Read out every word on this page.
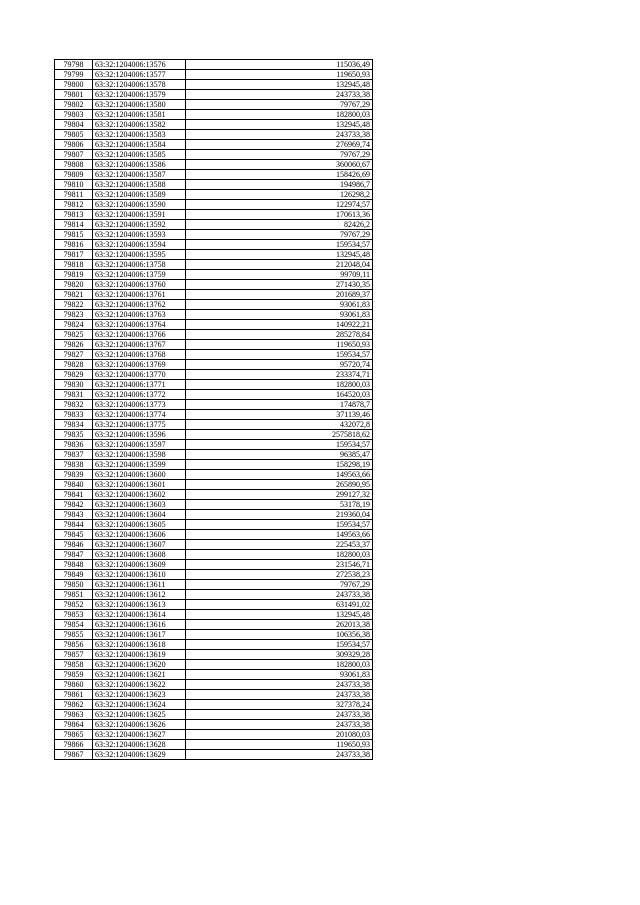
79798	63:32:1204006:13576	115036,49
79799	63:32:1204006:13577	119650,93
79800	63:32:1204006:13578	132945,48
79801	63:32:1204006:13579	243733,38
79802	63:32:1204006:13580	79767,29
79803	63:32:1204006:13581	182800,03
79804	63:32:1204006:13582	132945,48
79805	63:32:1204006:13583	243733,38
79806	63:32:1204006:13584	276969,74
79807	63:32:1204006:13585	79767,29
79808	63:32:1204006:13586	360060,67
79809	63:32:1204006:13587	158426,69
79810	63:32:1204006:13588	194986,7
79811	63:32:1204006:13589	126298,2
79812	63:32:1204006:13590	122974,57
79813	63:32:1204006:13591	170613,36
79814	63:32:1204006:13592	82426,2
79815	63:32:1204006:13593	79767,29
79816	63:32:1204006:13594	159534,57
79817	63:32:1204006:13595	132945,48
79818	63:32:1204006:13758	212048,04
79819	63:32:1204006:13759	99709,11
79820	63:32:1204006:13760	271430,35
79821	63:32:1204006:13761	201689,37
79822	63:32:1204006:13762	93061,83
79823	63:32:1204006:13763	93061,83
79824	63:32:1204006:13764	140922,21
79825	63:32:1204006:13766	285278,84
79826	63:32:1204006:13767	119650,93
79827	63:32:1204006:13768	159534,57
79828	63:32:1204006:13769	95720,74
79829	63:32:1204006:13770	233374,71
79830	63:32:1204006:13771	182800,03
79831	63:32:1204006:13772	164520,03
79832	63:32:1204006:13773	174878,7
79833	63:32:1204006:13774	371139,46
79834	63:32:1204006:13775	432072,8
79835	63:32:1204006:13596	2575818,62
79836	63:32:1204006:13597	159534,57
79837	63:32:1204006:13598	96385,47
79838	63:32:1204006:13599	158298,19
79839	63:32:1204006:13600	149563,66
79840	63:32:1204006:13601	265890,95
79841	63:32:1204006:13602	299127,32
79842	63:32:1204006:13603	53178,19
79843	63:32:1204006:13604	219360,04
79844	63:32:1204006:13605	159534,57
79845	63:32:1204006:13606	149563,66
79846	63:32:1204006:13607	225453,37
79847	63:32:1204006:13608	182800,03
79848	63:32:1204006:13609	231546,71
79849	63:32:1204006:13610	272538,23
79850	63:32:1204006:13611	79767,29
79851	63:32:1204006:13612	243733,38
79852	63:32:1204006:13613	631491,02
79853	63:32:1204006:13614	132945,48
79854	63:32:1204006:13616	262013,38
79855	63:32:1204006:13617	106356,38
79856	63:32:1204006:13618	159534,57
79857	63:32:1204006:13619	309329,28
79858	63:32:1204006:13620	182800,03
79859	63:32:1204006:13621	93061,83
79860	63:32:1204006:13622	243733,38
79861	63:32:1204006:13623	243733,38
79862	63:32:1204006:13624	327378,24
79863	63:32:1204006:13625	243733,38
79864	63:32:1204006:13626	243733,38
79865	63:32:1204006:13627	201080,03
79866	63:32:1204006:13628	119650,93
79867	63:32:1204006:13629	243733,38
